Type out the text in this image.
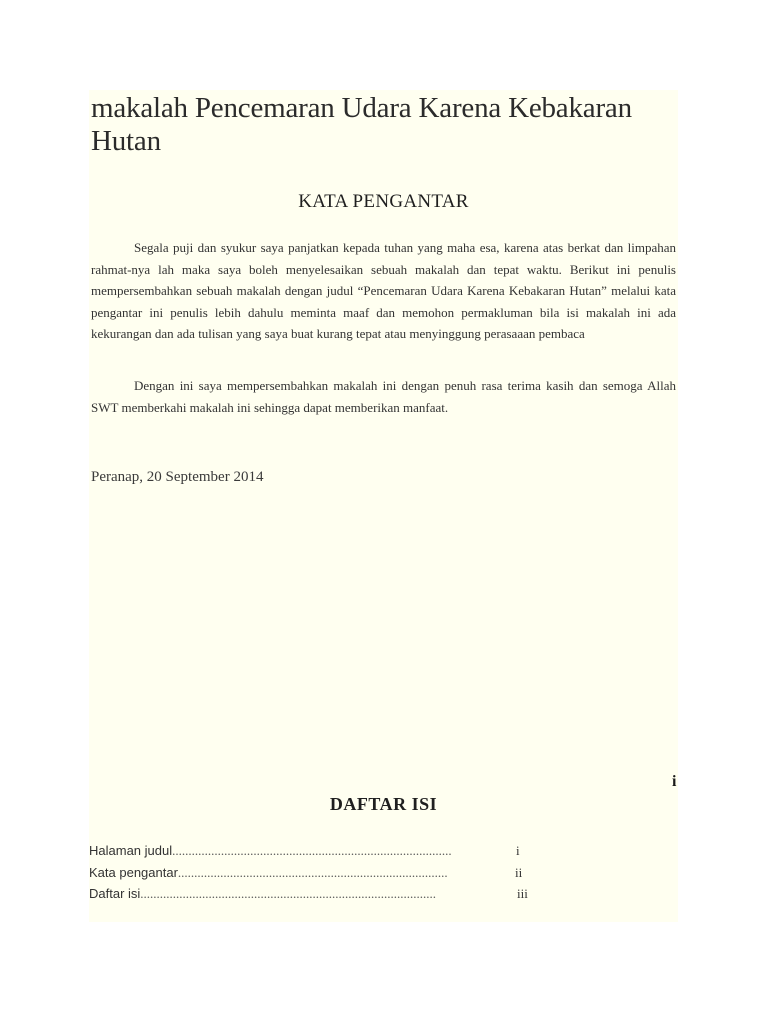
makalah Pencemaran Udara Karena Kebakaran Hutan
KATA PENGANTAR

Segala puji dan syukur saya panjatkan kepada tuhan yang maha esa, karena atas berkat dan limpahan rahmat-nya lah maka saya boleh menyelesaikan sebuah makalah dan tepat waktu. Berikut ini penulis mempersembahkan sebuah makalah dengan judul “Pencemaran Udara Karena Kebakaran Hutan” melalui kata pengantar ini penulis lebih dahulu meminta maaf dan memohon permakluman bila isi makalah ini ada kekurangan dan ada tulisan yang saya buat kurang tepat atau menyinggung perasaaan pembaca

Dengan ini saya mempersembahkan makalah ini dengan penuh rasa terima kasih dan semoga Allah SWT memberkahi makalah ini sehingga dapat memberikan manfaat.

Peranap, 20 September 2014
i
DAFTAR ISI
Halaman judul......................................................................................	i
Kata pengantar...................................................................................	ii
Daftar isi...........................................................................................	iii
